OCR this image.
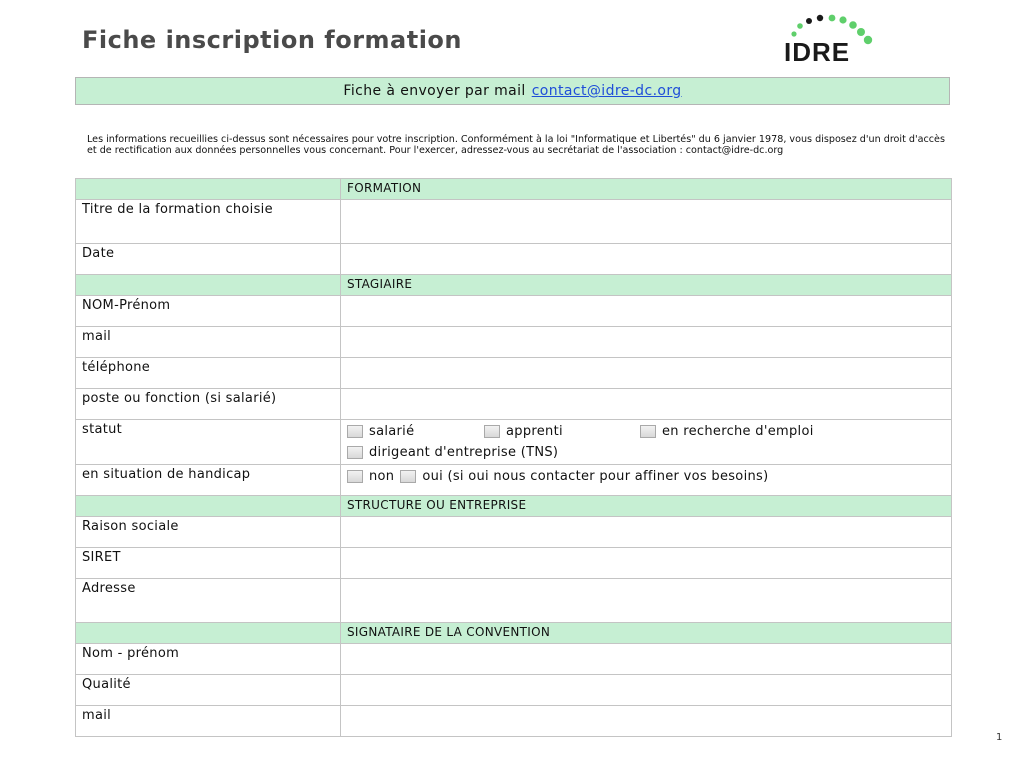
Fiche inscription formation	IDRE
Fiche à envoyer par mail contact@idre-dc.org
Les informations recueillies ci-dessus sont nécessaires pour votre inscription. Conformément à la loi "Informatique et Libertés" du 6 janvier 1978, vous disposez d'un droit d'accès et de rectification aux données personnelles vous concernant. Pour l'exercer, adressez-vous au secrétariat de l'association : contact@idre-dc.org
	FORMATION
Titre de la formation choisie	
Date	
	STAGIAIRE
NOM-Prénom	
mail	
téléphone	
poste ou fonction (si salarié)	
statut	salarié apprenti en recherche d'emploi
dirigeant d'entreprise (TNS)

en situation de handicap	non oui (si oui nous contacter pour affiner vos besoins)

	STRUCTURE OU ENTREPRISE
Raison sociale	
SIRET	
Adresse	
	SIGNATAIRE DE LA CONVENTION
Nom - prénom	
Qualité	
mail	
1
